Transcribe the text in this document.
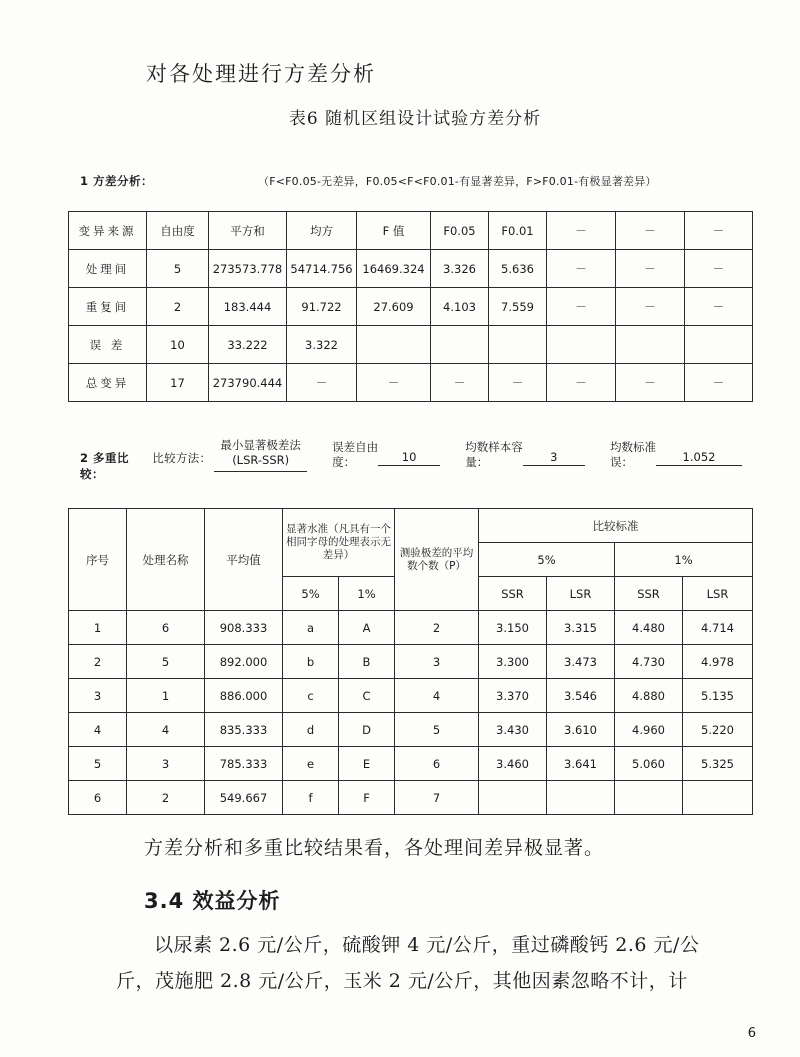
对各处理进行方差分析
表6 随机区组设计试验方差分析
1 方差分析：	（F<F0.05-无差异，F0.05<F<F0.01-有显著差异，F>F0.01-有极显著差异）
变异来源	自由度	平方和	均方	F 值	F0.05	F0.01	－	－	－
处理间	5	273573.778	54714.756	16469.324	3.326	5.636	－	－	－
重复间	2	183.444	91.722	27.609	4.103	7.559	－	－	－
误 差	10	33.222	3.322						
总变异	17	273790.444	－	－	－	－	－	－	－
2 多重比较：
比较方法：
最小显著极差法
(LSR-SSR)
误差自由
度：	10
均数样本容
量：	3
均数标准
误：	1.052
序号	处理名称	平均值	显著水准（凡具有一个相同字母的处理表示无差异）		测验极差的平均数个数（P）	比较标准			
						5%		1%	
			5%	1%		SSR	LSR	SSR	LSR
1	6	908.333	a	A	2	3.150	3.315	4.480	4.714
2	5	892.000	b	B	3	3.300	3.473	4.730	4.978
3	1	886.000	c	C	4	3.370	3.546	4.880	5.135
4	4	835.333	d	D	5	3.430	3.610	4.960	5.220
5	3	785.333	e	E	6	3.460	3.641	5.060	5.325
6	2	549.667	f	F	7				
方差分析和多重比较结果看，各处理间差异极显著。
3.4 效益分析
以尿素 2.6 元/公斤，硫酸钾 4 元/公斤，重过磷酸钙 2.6 元/公
斤，茂施肥 2.8 元/公斤，玉米 2 元/公斤，其他因素忽略不计，计
6
